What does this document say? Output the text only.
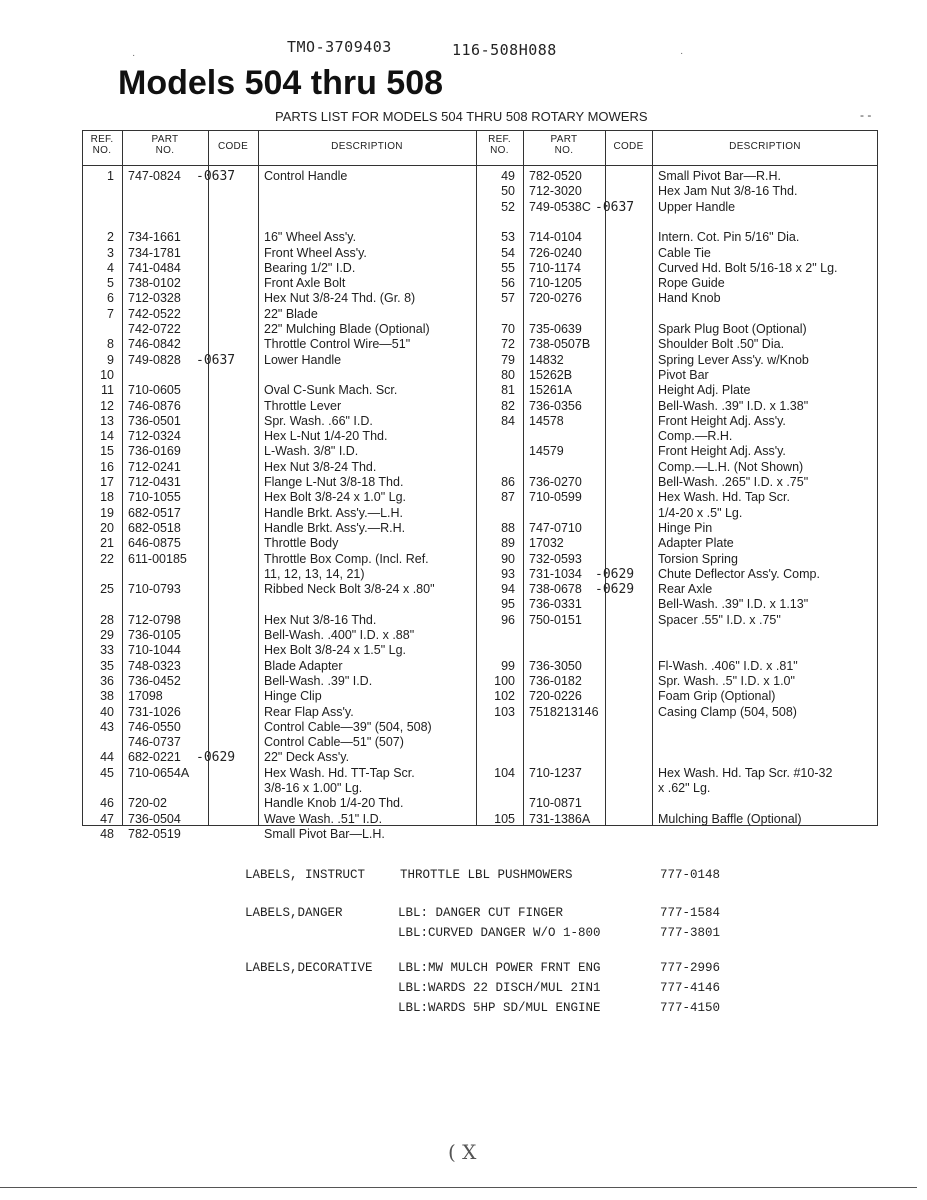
TMO-3709403	116-508H088
·	·
Models 504 thru 508
PARTS LIST FOR MODELS 504 THRU 508 ROTARY MOWERS	- -
REF.
NO.
PART
NO.	CODE	DESCRIPTION
REF.
NO.
PART
NO.	CODE	DESCRIPTION
1 747-0824 -0637 Control Handle
2 734-1661	16" Wheel Ass'y.
3 734-1781	Front Wheel Ass'y.
4 741-0484	Bearing 1/2" I.D.
5 738-0102	Front Axle Bolt
6 712-0328	Hex Nut 3/8-24 Thd. (Gr. 8)
7 742-0522	22" Blade
742-0722	22" Mulching Blade (Optional)
8 746-0842	Throttle Control Wire—51"
9 749-0828 -0637 Lower Handle
10
11 710-0605	Oval C-Sunk Mach. Scr.
12 746-0876	Throttle Lever
13 736-0501	Spr. Wash. .66" I.D.
14 712-0324	Hex L-Nut 1/4-20 Thd.
15 736-0169	L-Wash. 3/8" I.D.
16 712-0241	Hex Nut 3/8-24 Thd.
17 712-0431	Flange L-Nut 3/8-18 Thd.
18 710-1055	Hex Bolt 3/8-24 x 1.0" Lg.
19 682-0517	Handle Brkt. Ass'y.—L.H.
20 682-0518	Handle Brkt. Ass'y.—R.H.
21 646-0875	Throttle Body
22 611-00185	Throttle Box Comp. (Incl. Ref.
11, 12, 13, 14, 21)
25 710-0793	Ribbed Neck Bolt 3/8-24 x .80"
28 712-0798	Hex Nut 3/8-16 Thd.
29 736-0105	Bell-Wash. .400" I.D. x .88"
33 710-1044	Hex Bolt 3/8-24 x 1.5" Lg.
35 748-0323	Blade Adapter
36 736-0452	Bell-Wash. .39" I.D.
38 17098	Hinge Clip
40 731-1026	Rear Flap Ass'y.
43 746-0550	Control Cable—39" (504, 508)
746-0737	Control Cable—51" (507)
44 682-0221 -0629 22" Deck Ass'y.
45 710-0654A	Hex Wash. Hd. TT-Tap Scr.
3/8-16 x 1.00" Lg.
46 720-02	Handle Knob 1/4-20 Thd.
47 736-0504	Wave Wash. .51" I.D.
48 782-0519	Small Pivot Bar—L.H.
49 782-0520	Small Pivot Bar—R.H.
50 712-3020	Hex Jam Nut 3/8-16 Thd.
52 749-0538C -0637 Upper Handle
53 714-0104	Intern. Cot. Pin 5/16" Dia.
54 726-0240	Cable Tie
55 710-1174	Curved Hd. Bolt 5/16-18 x 2" Lg.
56 710-1205	Rope Guide
57 720-0276	Hand Knob
70 735-0639	Spark Plug Boot (Optional)
72 738-0507B	Shoulder Bolt .50" Dia.
79 14832	Spring Lever Ass'y. w/Knob
80 15262B	Pivot Bar
81 15261A	Height Adj. Plate
82 736-0356	Bell-Wash. .39" I.D. x 1.38"
84 14578	Front Height Adj. Ass'y.
Comp.—R.H.
14579	Front Height Adj. Ass'y.
Comp.—L.H. (Not Shown)
86 736-0270	Bell-Wash. .265" I.D. x .75"
87 710-0599	Hex Wash. Hd. Tap Scr.
1/4-20 x .5" Lg.
88 747-0710	Hinge Pin
89 17032	Adapter Plate
90 732-0593	Torsion Spring
93 731-1034 -0629 Chute Deflector Ass'y. Comp.
94 738-0678 -0629 Rear Axle
95 736-0331	Bell-Wash. .39" I.D. x 1.13"
96 750-0151	Spacer .55" I.D. x .75"
99 736-3050	Fl-Wash. .406" I.D. x .81"
100 736-0182	Spr. Wash. .5" I.D. x 1.0"
102 720-0226	Foam Grip (Optional)
103 7518213146	Casing Clamp (504, 508)
104 710-1237	Hex Wash. Hd. Tap Scr. #10-32
x .62" Lg.
710-0871
105 731-1386A	Mulching Baffle (Optional)
LABELS, INSTRUCT	THROTTLE LBL PUSHMOWERS	777-0148
LABELS,DANGER	LBL: DANGER CUT FINGER	777-1584
LBL:CURVED DANGER W/O 1-800	777-3801
LABELS,DECORATIVE LBL:MW MULCH POWER FRNT ENG	777-2996
LBL:WARDS 22 DISCH/MUL 2IN1	777-4146
LBL:WARDS 5HP SD/MUL ENGINE	777-4150
( X
